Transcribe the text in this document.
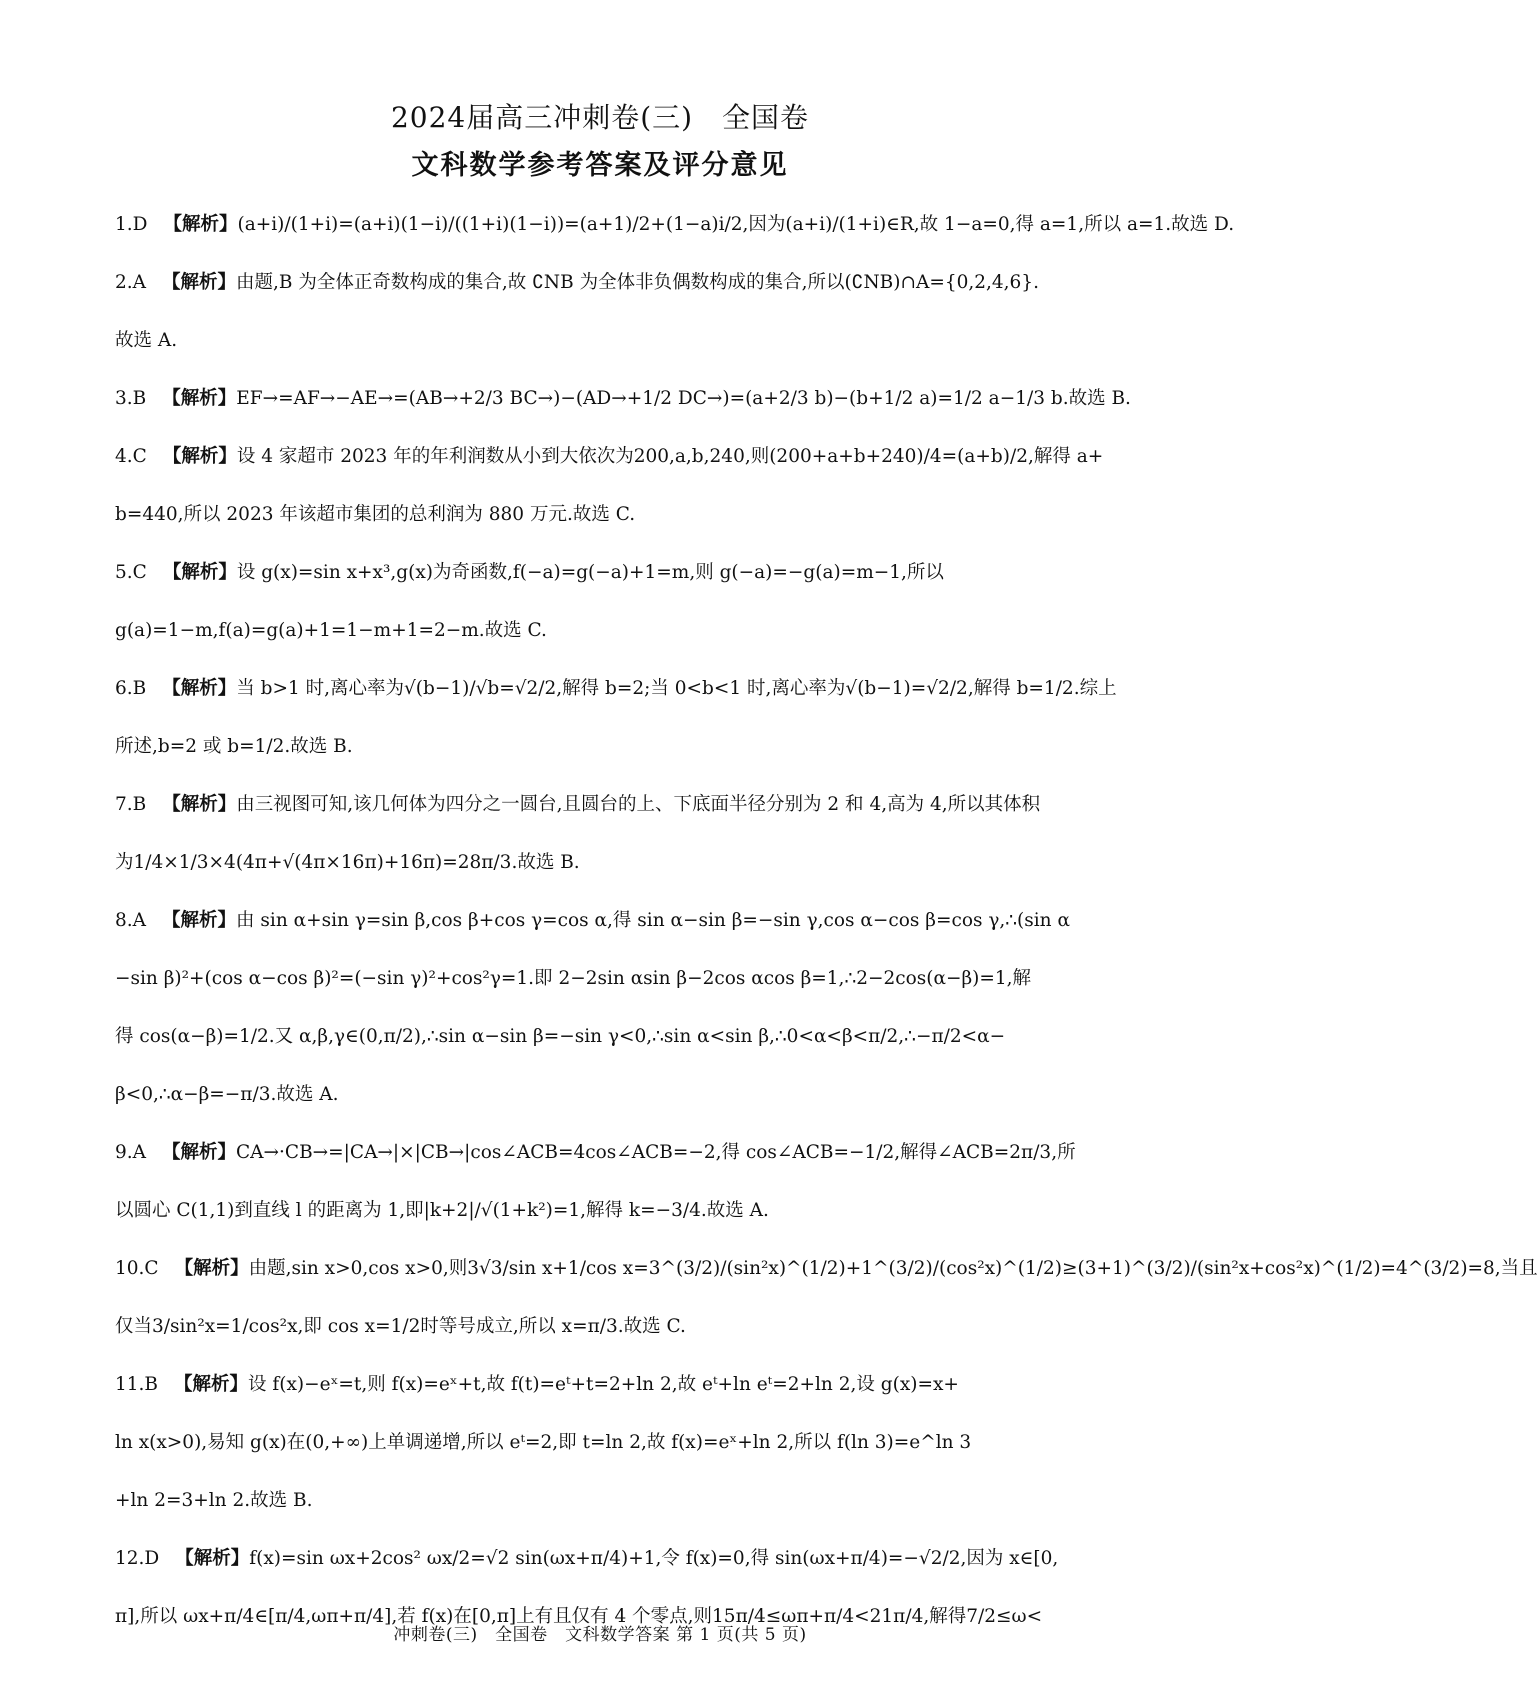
2024届高三冲刺卷(三)　全国卷
文科数学参考答案及评分意见
1.D 【解析】(a+i)/(1+i)=(a+i)(1−i)/((1+i)(1−i))=(a+1)/2+(1−a)i/2,因为(a+i)/(1+i)∈R,故 1−a=0,得 a=1,所以 a=1.故选 D.
2.A 【解析】由题,B 为全体正奇数构成的集合,故 ∁NB 为全体非负偶数构成的集合,所以(∁NB)∩A={0,2,4,6}.
故选 A.
3.B 【解析】EF→=AF→−AE→=(AB→+2/3 BC→)−(AD→+1/2 DC→)=(a+2/3 b)−(b+1/2 a)=1/2 a−1/3 b.故选 B.
4.C 【解析】设 4 家超市 2023 年的年利润数从小到大依次为200,a,b,240,则(200+a+b+240)/4=(a+b)/2,解得 a+
b=440,所以 2023 年该超市集团的总利润为 880 万元.故选 C.
5.C 【解析】设 g(x)=sin x+x³,g(x)为奇函数,f(−a)=g(−a)+1=m,则 g(−a)=−g(a)=m−1,所以
g(a)=1−m,f(a)=g(a)+1=1−m+1=2−m.故选 C.
6.B 【解析】当 b>1 时,离心率为√(b−1)/√b=√2/2,解得 b=2;当 0<b<1 时,离心率为√(b−1)=√2/2,解得 b=1/2.综上
所述,b=2 或 b=1/2.故选 B.
7.B 【解析】由三视图可知,该几何体为四分之一圆台,且圆台的上、下底面半径分别为 2 和 4,高为 4,所以其体积
为1/4×1/3×4(4π+√(4π×16π)+16π)=28π/3.故选 B.
8.A 【解析】由 sin α+sin γ=sin β,cos β+cos γ=cos α,得 sin α−sin β=−sin γ,cos α−cos β=cos γ,∴(sin α
−sin β)²+(cos α−cos β)²=(−sin γ)²+cos²γ=1.即 2−2sin αsin β−2cos αcos β=1,∴2−2cos(α−β)=1,解
得 cos(α−β)=1/2.又 α,β,γ∈(0,π/2),∴sin α−sin β=−sin γ<0,∴sin α<sin β,∴0<α<β<π/2,∴−π/2<α−
β<0,∴α−β=−π/3.故选 A.
9.A 【解析】CA→·CB→=|CA→|×|CB→|cos∠ACB=4cos∠ACB=−2,得 cos∠ACB=−1/2,解得∠ACB=2π/3,所
以圆心 C(1,1)到直线 l 的距离为 1,即|k+2|/√(1+k²)=1,解得 k=−3/4.故选 A.
10.C 【解析】由题,sin x>0,cos x>0,则3√3/sin x+1/cos x=3^(3/2)/(sin²x)^(1/2)+1^(3/2)/(cos²x)^(1/2)≥(3+1)^(3/2)/(sin²x+cos²x)^(1/2)=4^(3/2)=8,当且
仅当3/sin²x=1/cos²x,即 cos x=1/2时等号成立,所以 x=π/3.故选 C.
11.B 【解析】设 f(x)−eˣ=t,则 f(x)=eˣ+t,故 f(t)=eᵗ+t=2+ln 2,故 eᵗ+ln eᵗ=2+ln 2,设 g(x)=x+
ln x(x>0),易知 g(x)在(0,+∞)上单调递增,所以 eᵗ=2,即 t=ln 2,故 f(x)=eˣ+ln 2,所以 f(ln 3)=e^ln 3
+ln 2=3+ln 2.故选 B.
12.D 【解析】f(x)=sin ωx+2cos² ωx/2=√2 sin(ωx+π/4)+1,令 f(x)=0,得 sin(ωx+π/4)=−√2/2,因为 x∈[0,
π],所以 ωx+π/4∈[π/4,ωπ+π/4],若 f(x)在[0,π]上有且仅有 4 个零点,则15π/4≤ωπ+π/4<21π/4,解得7/2≤ω<
冲刺卷(三)　全国卷　文科数学答案 第 1 页(共 5 页)
